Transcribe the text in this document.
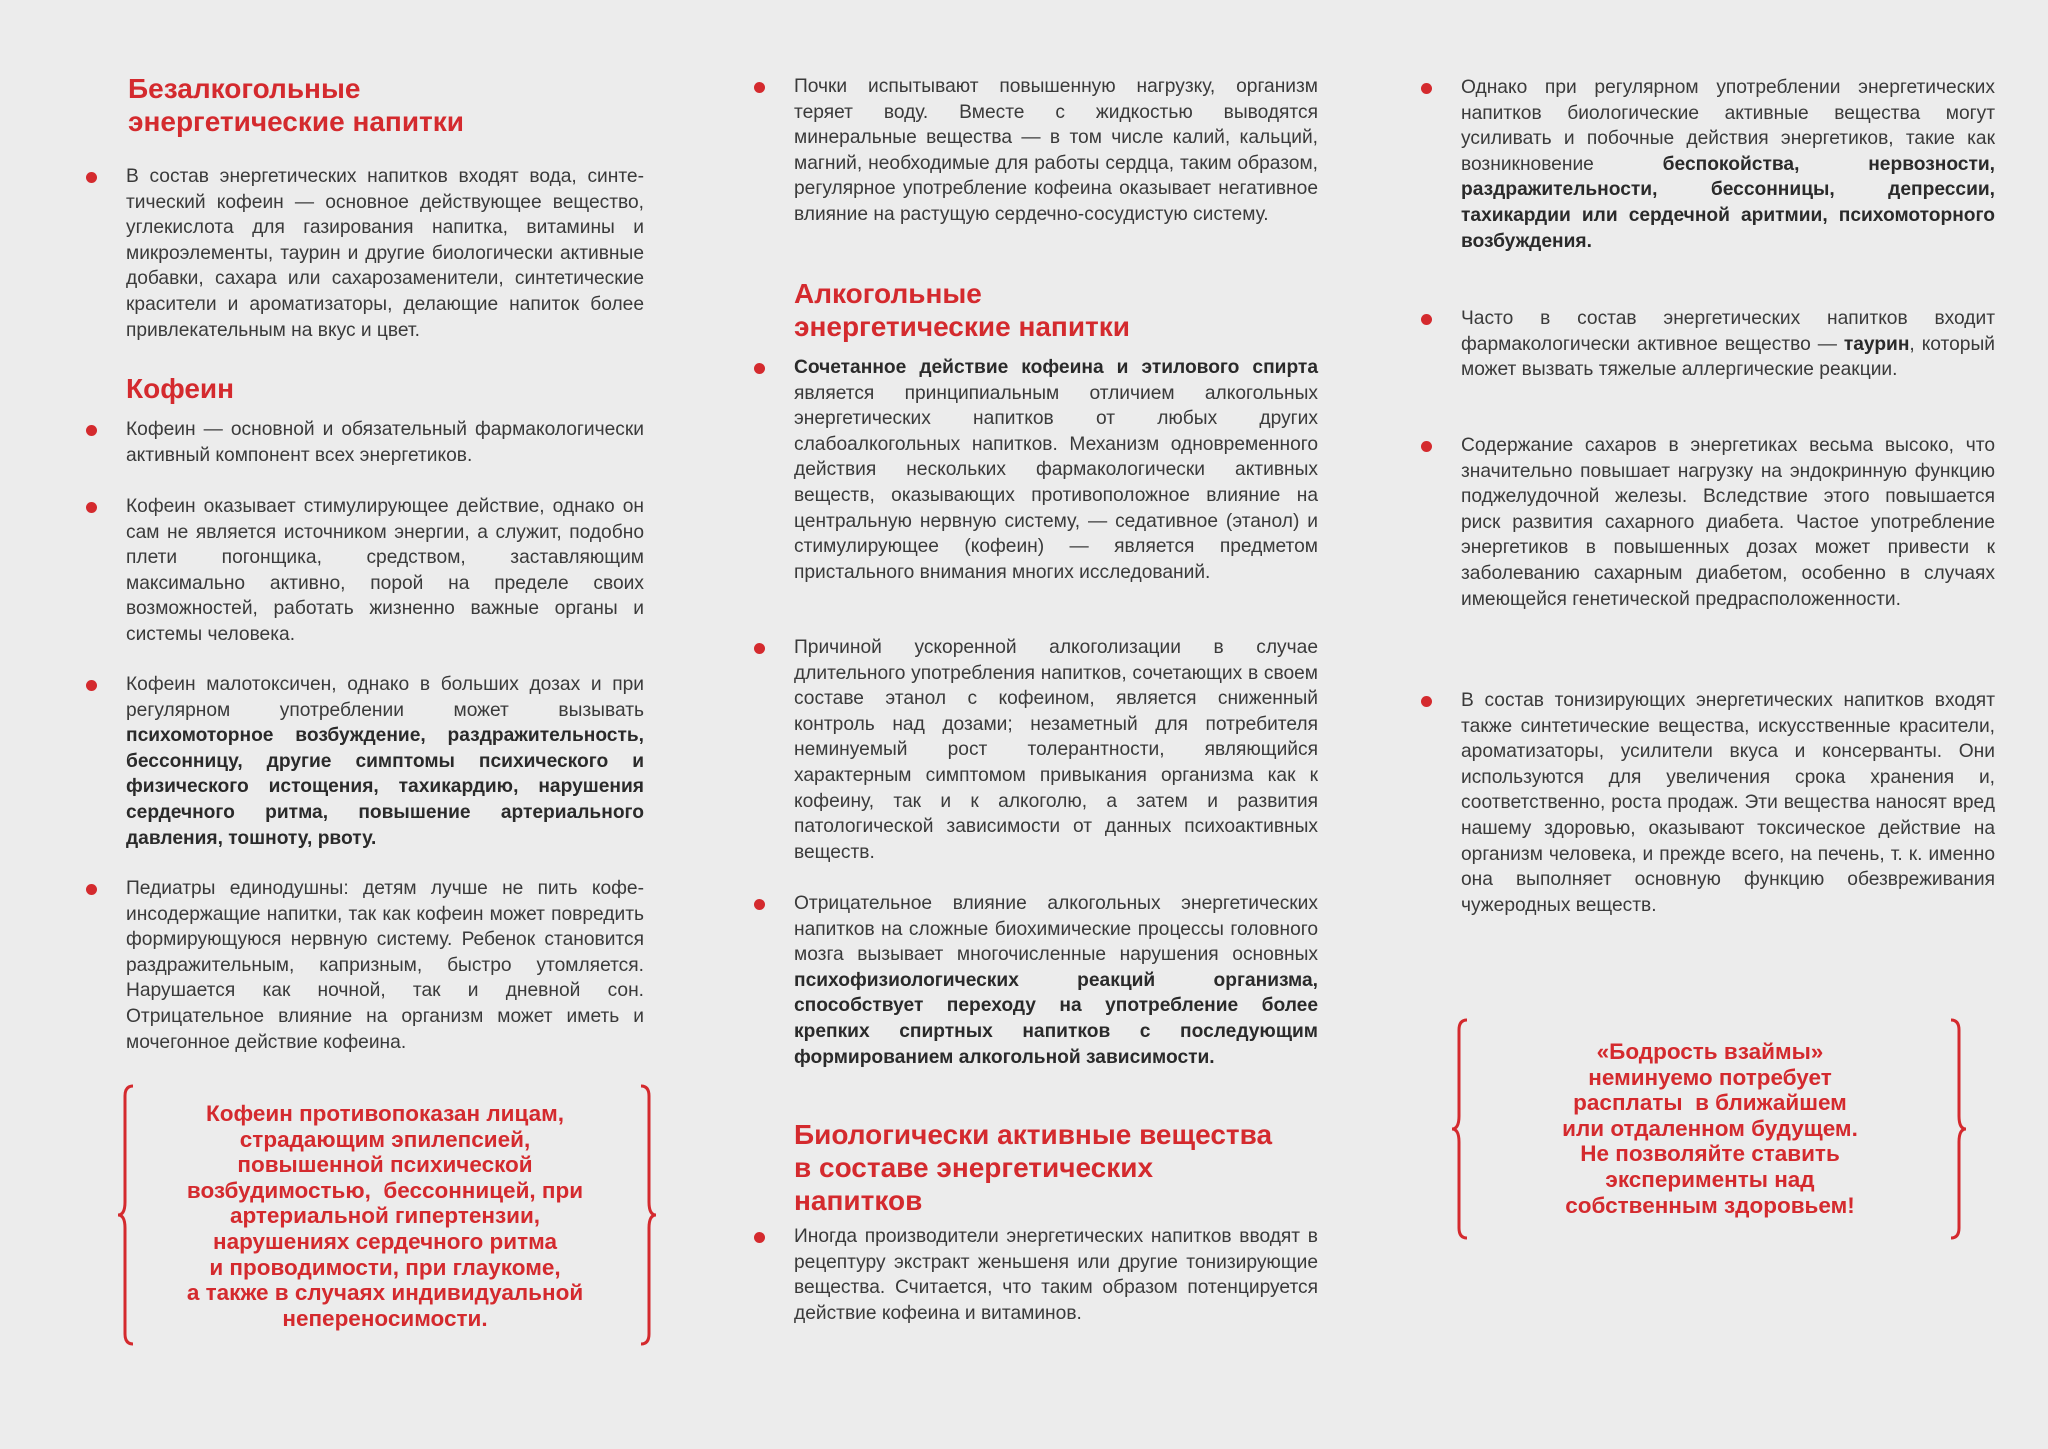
Безалкогольные
энергетические напитки
В состав энергетических напитков входят вода, синтетический кофеин — основное действующее вещество, углекислота для газирования напитка, витамины и микроэлементы, таурин и другие биологически активные добавки, сахара или сахарозаменители, синтетические красители и ароматизаторы, делающие напиток более привлекательным на вкус и цвет.
Кофеин
Кофеин — основной и обязательный фармакологически активный компонент всех энергетиков.
Кофеин оказывает стимулирующее действие, однако он сам не является источником энергии, а служит, подобно плети погонщика, средством, заставляющим максимально активно, порой на пределе своих возможностей, работать жизненно важные органы и системы человека.
Кофеин малотоксичен, однако в больших дозах и при регулярном употреблении может вызывать психомоторное возбуждение, раздражительность, бессонницу, другие симптомы психического и физического истощения, тахикардию, нарушения сердечного ритма, повышение артериального давления, тошноту, рвоту.
Педиатры единодушны: детям лучше не пить кофеинсодержащие напитки, так как кофеин может повредить формирующуюся нервную систему. Ребенок становится раздражительным, капризным, быстро утомляется. Нарушается как ночной, так и дневной сон. Отрицательное влияние на организм может иметь и мочегонное действие кофеина.
Кофеин противопоказан лицам,
страдающим эпилепсией,
повышенной психической
возбудимостью,  бессонницей, при
артериальной гипертензии,
нарушениях сердечного ритма
и проводимости, при глаукоме,
а также в случаях индивидуальной
непереносимости.
Почки испытывают повышенную нагрузку, организм теряет воду. Вместе с жидкостью выводятся минеральные вещества — в том числе калий, кальций, магний, необходимые для работы сердца, таким образом, регулярное употребление кофеина оказывает негативное влияние на растущую сердечно-сосудистую систему.
Алкогольные
энергетические напитки
Сочетанное действие кофеина и этилового спирта является принципиальным отличием алкогольных энергетических напитков от любых других слабоалкогольных напитков. Механизм одновременного действия нескольких фармакологически активных веществ, оказывающих противоположное влияние на центральную нервную систему, — седативное (этанол) и стимулирующее (кофеин) — является предметом пристального внимания многих исследований.
Причиной ускоренной алкоголизации в случае длительного употребления напитков, сочетающих в своем составе этанол с кофеином, является сниженный контроль над дозами; незаметный для потребителя неминуемый рост толерантности, являющийся характерным симптомом привыкания организма как к кофеину, так и к алкоголю, а затем и развития патологической зависимости от данных психоактивных веществ.
Отрицательное влияние алкогольных энергетических напитков на сложные биохимические процессы головного мозга вызывает многочисленные нарушения основных психофизиологических реакций организма, способствует переходу на употребление более крепких спиртных напитков с последующим формированием алкогольной зависимости.
Биологически активные вещества
в составе энергетических
напитков
Иногда производители энергетических напитков вводят в рецептуру экстракт женьшеня или другие тонизирующие вещества. Считается, что таким образом потенцируется действие кофеина и витаминов.
Однако при регулярном употреблении энергетических напитков биологические активные вещества могут усиливать и побочные действия энергетиков, такие как возникновение беспокойства, нервозности, раздражительности, бессонницы, депрессии, тахикардии или сердечной аритмии, психомоторного возбуждения.
Часто в состав энергетических напитков входит фармакологически активное вещество — таурин, который может вызвать тяжелые аллергические реакции.
Содержание сахаров в энергетиках весьма высоко, что значительно повышает нагрузку на эндокринную функцию поджелудочной железы. Вследствие этого повышается риск развития сахарного диабета. Частое употребление энергетиков в повышенных дозах может привести к заболеванию сахарным диабетом, особенно в случаях имеющейся генетической предрасположенности.
В состав тонизирующих энергетических напитков входят также синтетические вещества, искусственные красители, ароматизаторы, усилители вкуса и консерванты. Они используются для увеличения срока хранения и, соответственно, роста продаж. Эти вещества наносят вред нашему здоровью, оказывают токсическое действие на организм человека, и прежде всего, на печень, т. к. именно она выполняет основную функцию обезвреживания чужеродных веществ.
«Бодрость взаймы»
неминуемо потребует
расплаты  в ближайшем
или отдаленном будущем.
Не позволяйте ставить
эксперименты над
собственным здоровьем!
